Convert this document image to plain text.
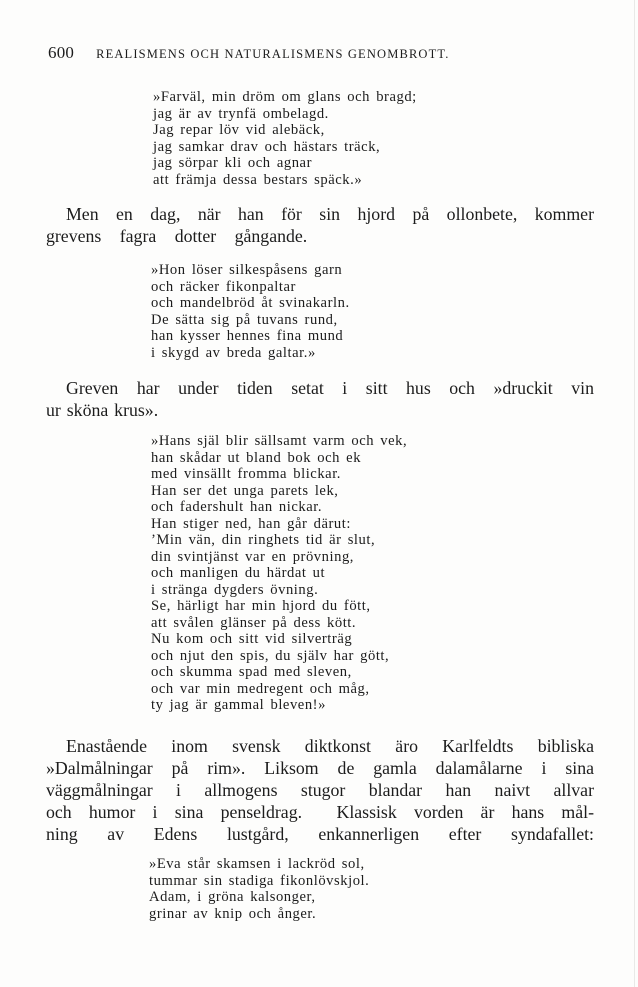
600 REALISMENS OCH NATURALISMENS GENOMBROTT.
»Farväl, min dröm om glans och bragd;
jag är av trynfä ombelagd.
Jag repar löv vid alebäck,
jag samkar drav och hästars träck,
jag sörpar kli och agnar
att främja dessa bestars späck.»
Men en dag, när han för sin hjord på ollonbete, kommer
grevens fagra dotter gångande.
»Hon löser silkespåsens garn
och räcker fikonpaltar
och mandelbröd åt svinakarln.
De sätta sig på tuvans rund,
han kysser hennes fina mund
i skygd av breda galtar.»
Greven har under tiden setat i sitt hus och »druckit vin
ur sköna krus».
»Hans själ blir sällsamt varm och vek,
han skådar ut bland bok och ek
med vinsällt fromma blickar.
Han ser det unga parets lek,
och fadershult han nickar.
Han stiger ned, han går därut:
’Min vän, din ringhets tid är slut,
din svintjänst var en prövning,
och manligen du härdat ut
i stränga dygders övning.
Se, härligt har min hjord du fött,
att svålen glänser på dess kött.
Nu kom och sitt vid silverträg
och njut den spis, du själv har gött,
och skumma spad med sleven,
och var min medregent och måg,
ty jag är gammal bleven!»
Enastående inom svensk diktkonst äro Karlfeldts bibliska
»Dalmålningar på rim». Liksom de gamla dalamålarne i sina
väggmålningar i allmogens stugor blandar han naivt allvar
och humor i sina penseldrag.  Klassisk vorden är hans mål-
ning av Edens lustgård, enkannerligen efter syndafallet:
»Eva står skamsen i lackröd sol,
tummar sin stadiga fikonlövskjol.
Adam, i gröna kalsonger,
grinar av knip och ånger.
